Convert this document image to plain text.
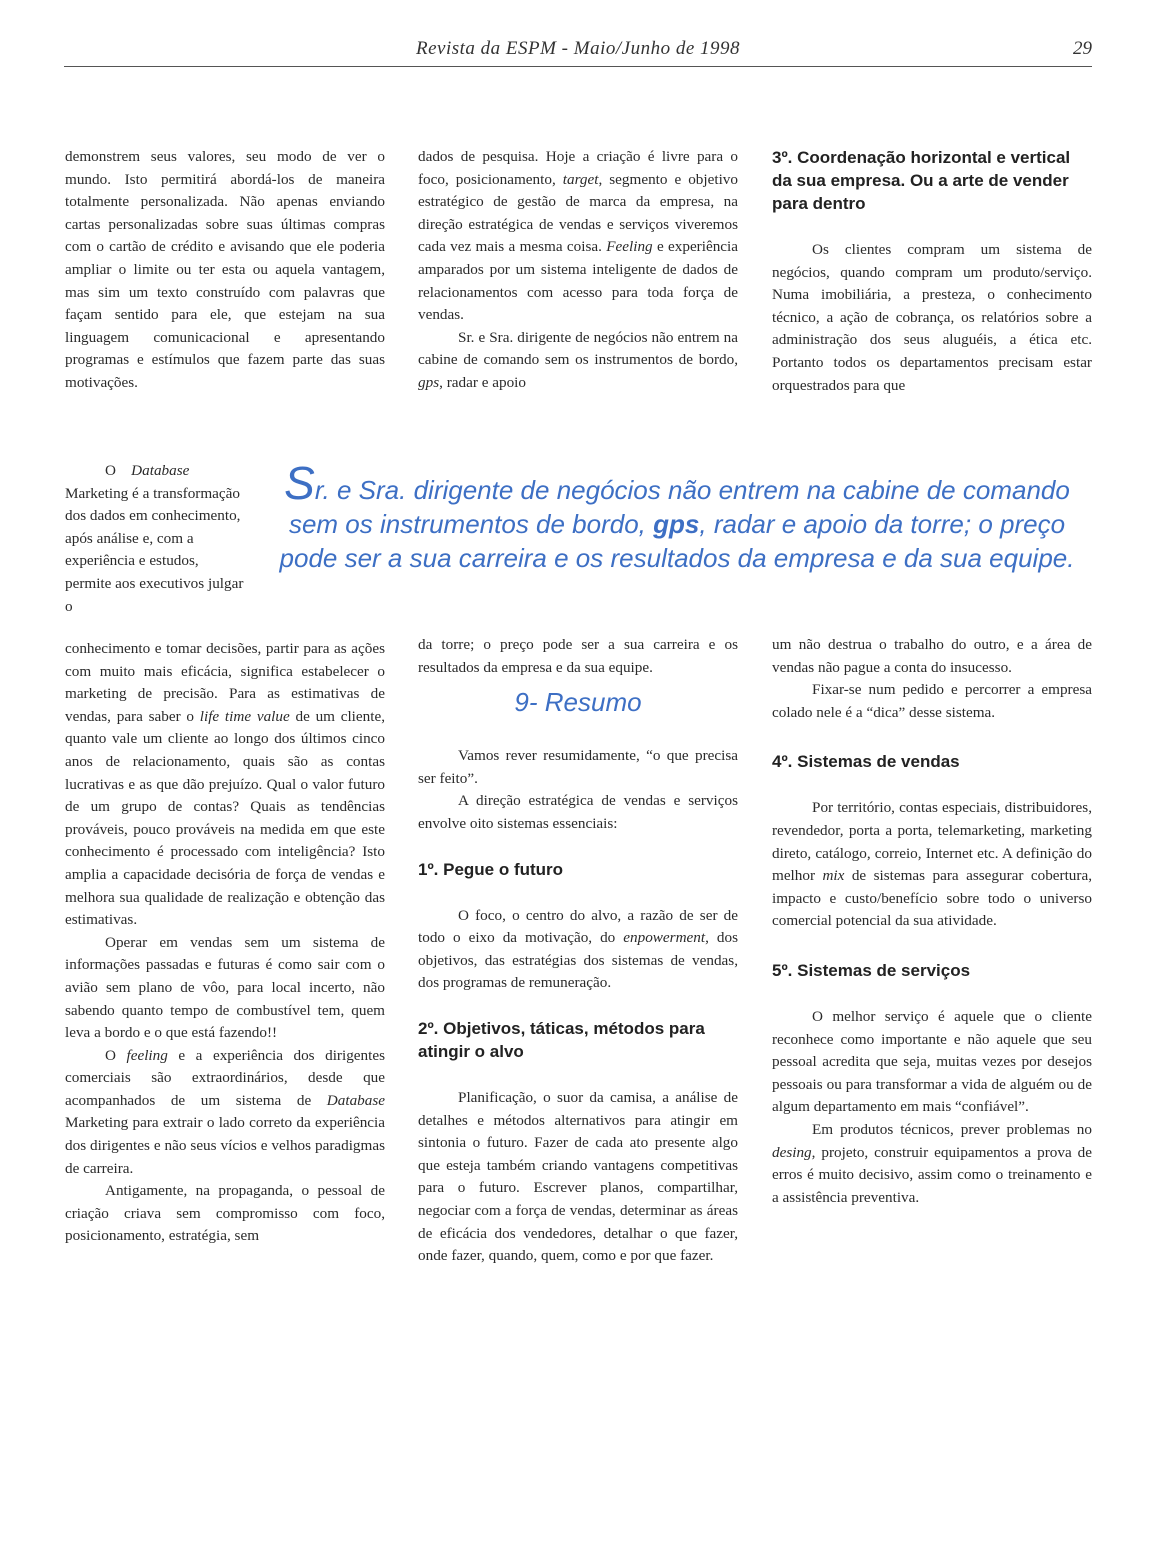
Revista da ESPM - Maio/Junho de 1998	29

demonstrem seus valores, seu modo de ver o mundo. Isto permitirá abordá-los de maneira totalmente personalizada. Não apenas enviando cartas personalizadas sobre suas últimas compras com o cartão de crédito e avisando que ele poderia ampliar o limite ou ter esta ou aquela vantagem, mas sim um texto construído com palavras que façam sentido para ele, que estejam na sua linguagem comunicacional e apresentando programas e estímulos que fazem parte das suas motivações.

O Database Marketing é a transformação dos dados em conhecimento, após análise e, com a experiência e estudos, permite aos executivos julgar o

Sr. e Sra. dirigente de negócios não entrem na cabine de comando sem os instrumentos de bordo, gps, radar e apoio da torre; o preço pode ser a sua carreira e os resultados da empresa e da sua equipe.

conhecimento e tomar decisões, partir para as ações com muito mais eficácia, significa estabelecer o marketing de precisão. Para as estimativas de vendas, para saber o life time value de um cliente, quanto vale um cliente ao longo dos últimos cinco anos de relacionamento, quais são as contas lucrativas e as que dão prejuízo. Qual o valor futuro de um grupo de contas? Quais as tendências prováveis, pouco prováveis na medida em que este conhecimento é processado com inteligência? Isto amplia a capacidade decisória de força de vendas e melhora sua qualidade de realização e obtenção das estimativas.

Operar em vendas sem um sistema de informações passadas e futuras é como sair com o avião sem plano de vôo, para local incerto, não sabendo quanto tempo de combustível tem, quem leva a bordo e o que está fazendo!!

O feeling e a experiência dos dirigentes comerciais são extraordinários, desde que acompanhados de um sistema de Database Marketing para extrair o lado correto da experiência dos dirigentes e não seus vícios e velhos paradigmas de carreira.

Antigamente, na propaganda, o pessoal de criação criava sem compromisso com foco, posicionamento, estratégia, sem

dados de pesquisa. Hoje a criação é livre para o foco, posicionamento, target, segmento e objetivo estratégico de gestão de marca da empresa, na direção estratégica de vendas e serviços viveremos cada vez mais a mesma coisa. Feeling e experiência amparados por um sistema inteligente de dados de relacionamentos com acesso para toda força de vendas.

Sr. e Sra. dirigente de negócios não entrem na cabine de comando sem os instrumentos de bordo, gps, radar e apoio

da torre; o preço pode ser a sua carreira e os resultados da empresa e da sua equipe.

9- Resumo

Vamos rever resumidamente, “o que precisa ser feito”.

A direção estratégica de vendas e serviços envolve oito sistemas essenciais:

1º. Pegue o futuro

O foco, o centro do alvo, a razão de ser de todo o eixo da motivação, do enpowerment, dos objetivos, das estratégias dos sistemas de vendas, dos programas de remuneração.

2º. Objetivos, táticas, métodos para atingir o alvo

Planificação, o suor da camisa, a análise de detalhes e métodos alternativos para atingir em sintonia o futuro. Fazer de cada ato presente algo que esteja também criando vantagens competitivas para o futuro. Escrever planos, compartilhar, negociar com a força de vendas, determinar as áreas de eficácia dos vendedores, detalhar o que fazer, onde fazer, quando, quem, como e por que fazer.

3º. Coordenação horizontal e vertical da sua empresa. Ou a arte de vender para dentro

Os clientes compram um sistema de negócios, quando compram um produto/serviço. Numa imobiliária, a presteza, o conhecimento técnico, a ação de cobrança, os relatórios sobre a administração dos seus aluguéis, a ética etc. Portanto todos os departamentos precisam estar orquestrados para que

um não destrua o trabalho do outro, e a área de vendas não pague a conta do insucesso.

Fixar-se num pedido e percorrer a empresa colado nele é a “dica” desse sistema.

4º. Sistemas de vendas

Por território, contas especiais, distribuidores, revendedor, porta a porta, telemarketing, marketing direto, catálogo, correio, Internet etc. A definição do melhor mix de sistemas para assegurar cobertura, impacto e custo/benefício sobre todo o universo comercial potencial da sua atividade.

5º. Sistemas de serviços

O melhor serviço é aquele que o cliente reconhece como importante e não aquele que seu pessoal acredita que seja, muitas vezes por desejos pessoais ou para transformar a vida de alguém ou de algum departamento em mais “confiável”.

Em produtos técnicos, prever problemas no desing, projeto, construir equipamentos a prova de erros é muito decisivo, assim como o treinamento e a assistência preventiva.
